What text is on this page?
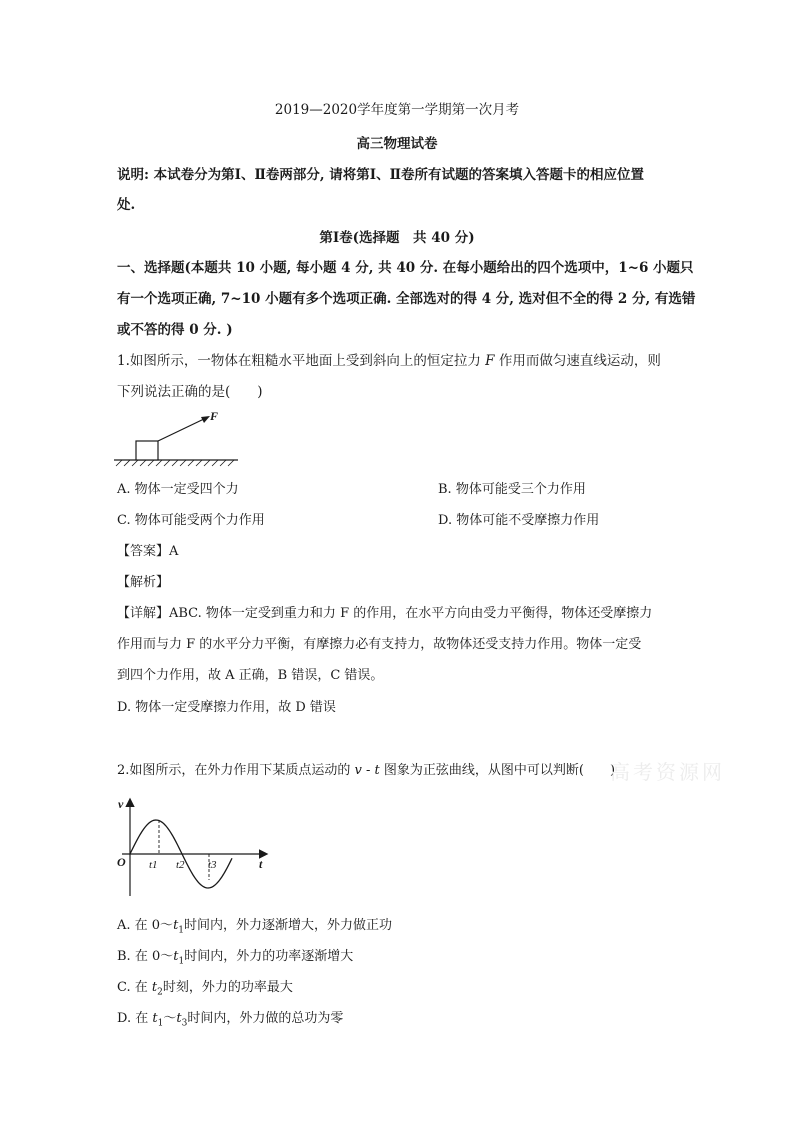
2019—2020学年度第一学期第一次月考
高三物理试卷
说明: 本试卷分为第Ⅰ、Ⅱ卷两部分, 请将第Ⅰ、Ⅱ卷所有试题的答案填入答题卡的相应位置
处.
第Ⅰ卷(选择题　共 40 分)
一、选择题(本题共 10 小题, 每小题 4 分, 共 40 分. 在每小题给出的四个选项中，1~6 小题只
有一个选项正确, 7~10 小题有多个选项正确. 全部选对的得 4 分, 选对但不全的得 2 分, 有选错
或不答的得 0 分. )
1.如图所示，一物体在粗糙水平地面上受到斜向上的恒定拉力 F 作用而做匀速直线运动，则
下列说法正确的是(　　)
F
A. 物体一定受四个力	B. 物体可能受三个力作用
C. 物体可能受两个力作用	D. 物体可能不受摩擦力作用
【答案】A
【解析】
【详解】ABC. 物体一定受到重力和力 F 的作用，在水平方向由受力平衡得，物体还受摩擦力
作用而与力 F 的水平分力平衡，有摩擦力必有支持力，故物体还受支持力作用。物体一定受
到四个力作用，故 A 正确，B 错误，C 错误。
D. 物体一定受摩擦力作用，故 D 错误
2.如图所示，在外力作用下某质点运动的 v - t 图象为正弦曲线，从图中可以判断(　　)
高考资源网
v
t
O t1 t2 t3
A. 在 $0\sim t_1$时间内，外力逐渐增大，外力做正功
B. 在 $0\sim t_1$时间内，外力的功率逐渐增大
C. 在 $t_2$时刻，外力的功率最大
D. 在 $t_1\sim t_3$时间内，外力做的总功为零
